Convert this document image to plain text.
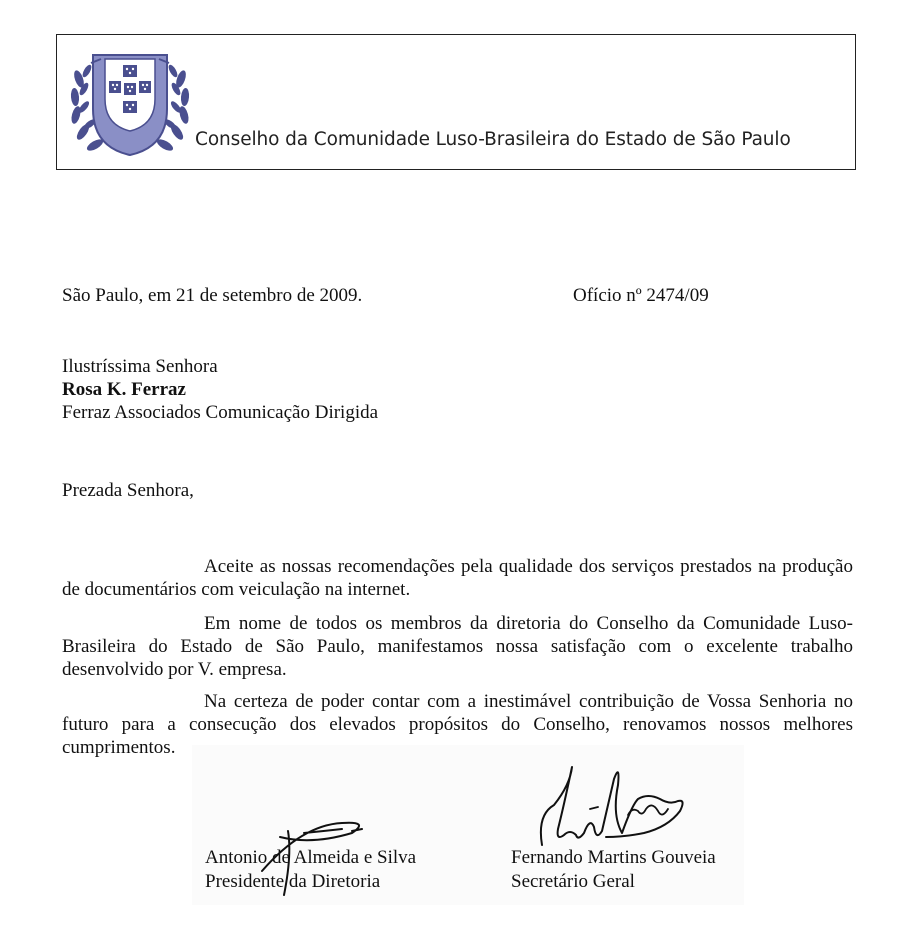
Conselho da Comunidade Luso-Brasileira do Estado de São Paulo
São Paulo, em 21 de setembro de 2009.	Ofício nº 2474/09
Ilustríssima Senhora
Rosa K. Ferraz
Ferraz Associados Comunicação Dirigida
Prezada Senhora,

Aceite as nossas recomendações pela qualidade dos serviços prestados na produção de documentários com veiculação na internet.

Em nome de todos os membros da diretoria do Conselho da Comunidade Luso-Brasileira do Estado de São Paulo, manifestamos nossa satisfação com o excelente trabalho desenvolvido por V. empresa.

Na certeza de poder contar com a inestimável contribuição de Vossa Senhoria no futuro para a consecução dos elevados propósitos do Conselho, renovamos nossos melhores cumprimentos.

Antonio de Almeida e Silva
Presidente da Diretoria
Fernando Martins Gouveia
Secretário Geral
